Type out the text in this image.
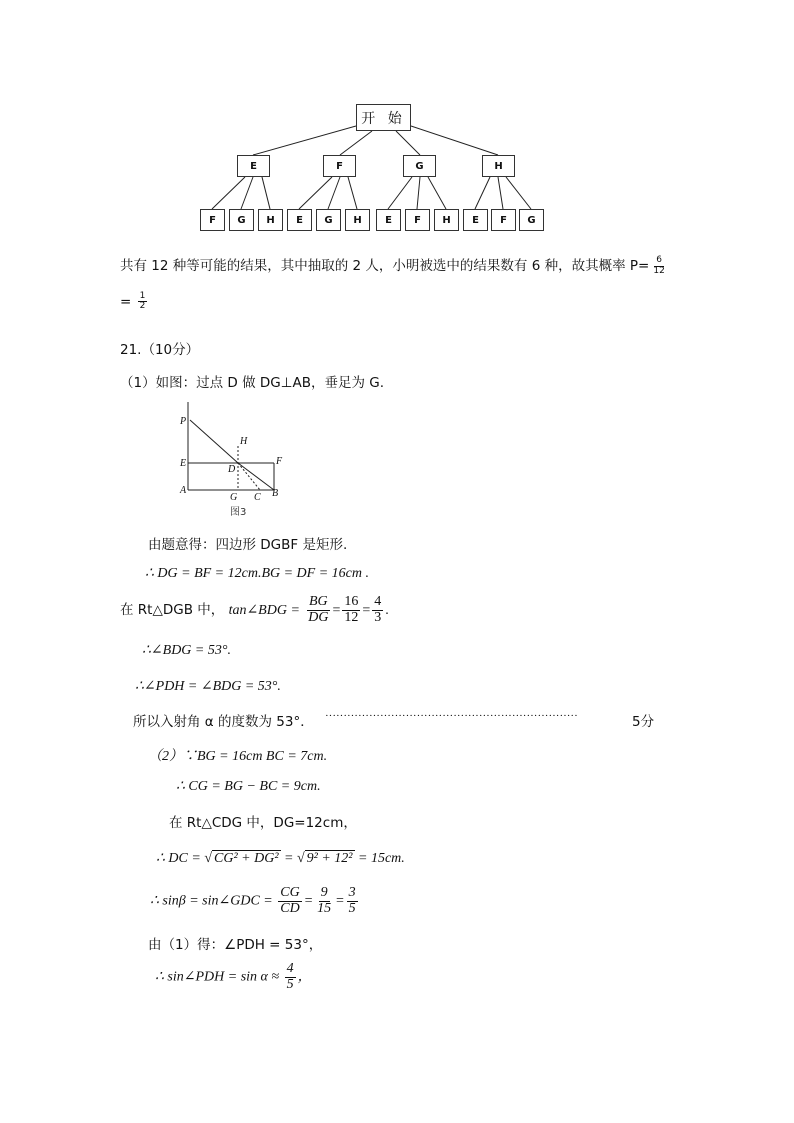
开 始
E	F	G	H
F	G	H	E	G	H	E	F	H	E	F	G
共有 12 种等可能的结果，其中抽取的 2 人，小明被选中的结果数有 6 种，故其概率 $P= \frac{6}{12}$
= $\frac{1}{2}$
21.（10分）
（1）如图：过点 D 做 DG⊥AB，垂足为 G.
P
H
E
D
F
A
G C B
图3
由题意得：四边形 DGBF 是矩形.
∴ DG = BF = 12cm.BG = DF = 16cm .
在 Rt△DGB 中， tan∠BDG = $\frac{BG}{DG} = \frac{16}{12} = \frac{4}{3}$ .
∴∠BDG = 53°.
∴∠PDH = ∠BDG = 53°.
所以入射角 α 的度数为 53°． ·····································································	5分
（2）∵BG = 16cm BC = 7cm.
∴ CG = BG − BC = 9cm.
在 Rt△CDG 中，DG=12cm，
∴ DC = √ CG² + DG² = √ 9² + 12² = 15cm.
∴ sinβ = sin∠GDC = $\frac{CG}{CD} = \frac{9}{15} = \frac{3}{5}$
由（1）得：∠PDH = 53°，
∴ sin∠PDH = $\sin \alpha \approx \frac{4}{5}$ ，
